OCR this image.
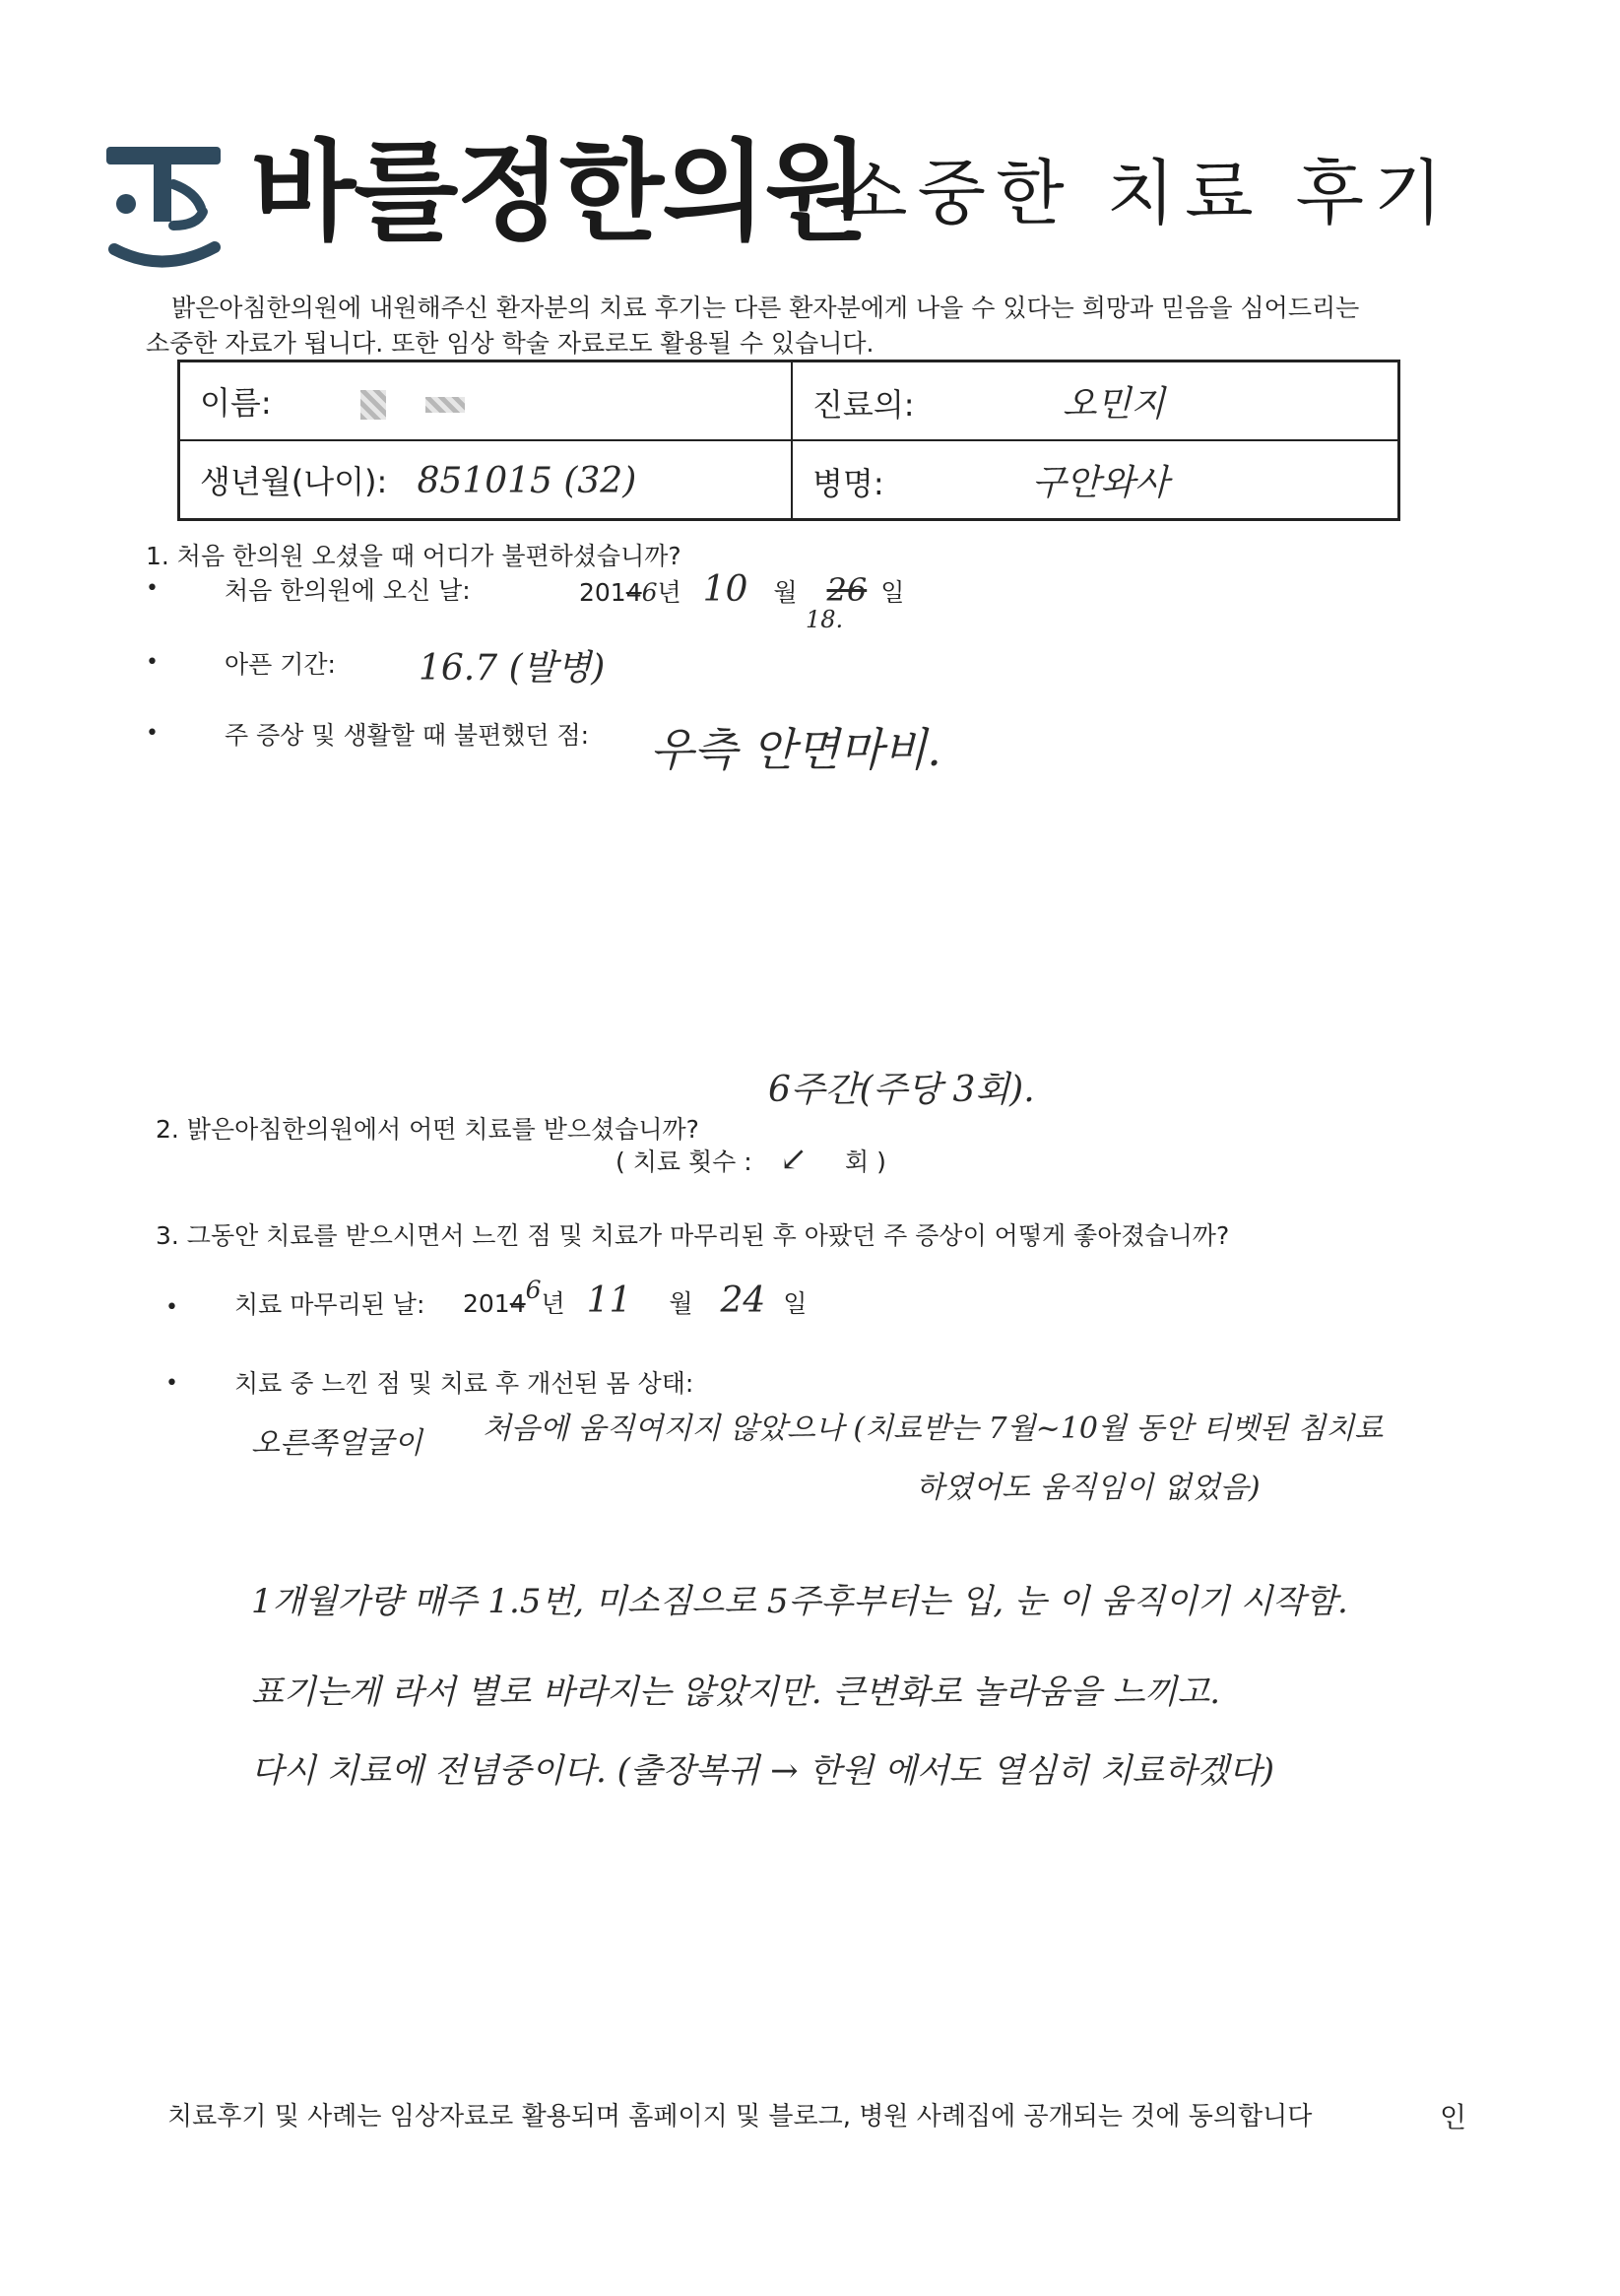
바를정한의원
소중한 치료 후기

밝은아침한의원에 내원해주신 환자분의 치료 후기는 다른 환자분에게 나을 수 있다는 희망과 믿음을 심어드리는

소중한 자료가 됩니다. 또한 임상 학술 자료로도 활용될 수 있습니다.

이름:	진료의: 오민지
생년월(나이): 851015 (32)	병명: 구안와사
1. 처음 한의원 오셨을 때 어디가 불편하셨습니까?
•	처음 한의원에 오신 날:	20146년 10 월 26 일
18.
•	아픈 기간: 16.7 (발병)
•	주 증상 및 생활할 때 불편했던 점: 우측 안면마비.
6주간(주당 3회).
2. 밝은아침한의원에서 어떤 치료를 받으셨습니까?
( 치료 횟수 : ↙ 회 )
3. 그동안 치료를 받으시면서 느낀 점 및 치료가 마무리된 후 아팠던 주 증상이 어떻게 좋아졌습니까?
• 치료 마무리된 날: 20146년 11 월 24 일
• 치료 중 느낀 점 및 치료 후 개선된 몸 상태:
오른쪽얼굴이 처음에 움직여지지 않았으나 (치료받는 7월~10월 동안 티벳된 침치료
하였어도 움직임이 없었음)
1개월가량 매주 1.5번, 미소짐으로 5주후부터는 입, 눈 이 움직이기 시작함.
표기는게 라서 별로 바라지는 않았지만. 큰변화로 놀라움을 느끼고.
다시 치료에 전념중이다. (출장복귀 → 한원 에서도 열심히 치료하겠다)
치료후기 및 사례는 임상자료로 활용되며 홈페이지 및 블로그, 병원 사례집에 공개되는 것에 동의합니다	인
